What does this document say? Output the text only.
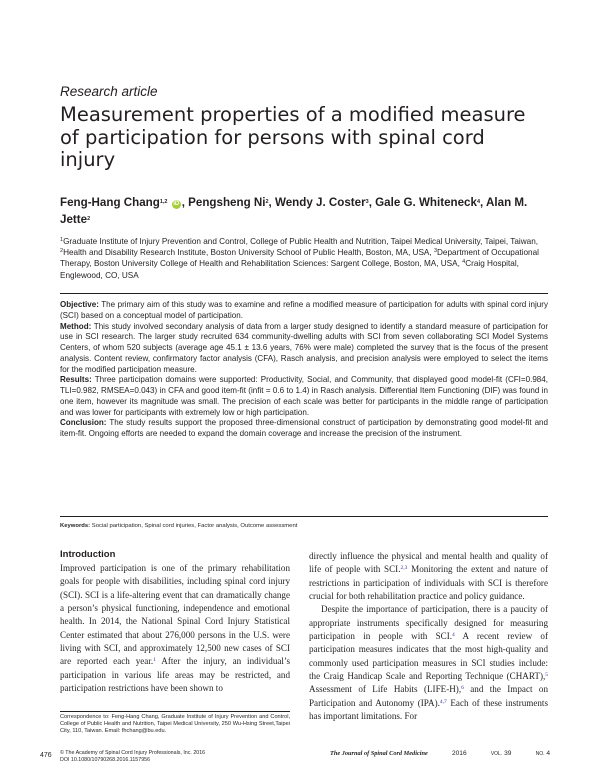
Research article
Measurement properties of a modified measure of participation for persons with spinal cord injury
Feng-Hang Chang$^{1,2}$ iD , Pengsheng Ni$^2$, Wendy J. Coster$^3$, Gale G. Whiteneck$^4$, Alan M. Jette$^2$
$^1$Graduate Institute of Injury Prevention and Control, College of Public Health and Nutrition, Taipei Medical University, Taipei, Taiwan, $^2$Health and Disability Research Institute, Boston University School of Public Health, Boston, MA, USA, $^3$Department of Occupational Therapy, Boston University College of Health and Rehabilitation Sciences: Sargent College, Boston, MA, USA, $^4$Craig Hospital, Englewood, CO, USA

Objective: The primary aim of this study was to examine and refine a modified measure of participation for adults with spinal cord injury (SCI) based on a conceptual model of participation.

Method: This study involved secondary analysis of data from a larger study designed to identify a standard measure of participation for use in SCI research. The larger study recruited 634 community-dwelling adults with SCI from seven collaborating SCI Model Systems Centers, of whom 520 subjects (average age 45.1 ± 13.6 years, 76% were male) completed the survey that is the focus of the present analysis. Content review, confirmatory factor analysis (CFA), Rasch analysis, and precision analysis were employed to select the items for the modified participation measure.

Results: Three participation domains were supported: Productivity, Social, and Community, that displayed good model-fit (CFI=0.984, TLI=0.982, RMSEA=0.043) in CFA and good item-fit (infit = 0.6 to 1.4) in Rasch analysis. Differential Item Functioning (DIF) was found in one item, however its magnitude was small. The precision of each scale was better for participants in the middle range of participation and was lower for participants with extremely low or high participation.

Conclusion: The study results support the proposed three-dimensional construct of participation by demonstrating good model-fit and item-fit. Ongoing efforts are needed to expand the domain coverage and increase the precision of the instrument.

Keywords: Social participation, Spinal cord injuries, Factor analysis, Outcome assessment

Introduction

Improved participation is one of the primary rehabilitation goals for people with disabilities, including spinal cord injury (SCI). SCI is a life-altering event that can dramatically change a person’s physical functioning, independence and emotional health. In 2014, the National Spinal Cord Injury Statistical Center estimated that about 276,000 persons in the U.S. were living with SCI, and approximately 12,500 new cases of SCI are reported each year.$^1$ After the injury, an individual’s participation in various life areas may be restricted, and participation restrictions have been shown to

directly influence the physical and mental health and quality of life of people with SCI.$^{2,3}$ Monitoring the extent and nature of restrictions in participation of individuals with SCI is therefore crucial for both rehabilitation practice and policy guidance.

Despite the importance of participation, there is a paucity of appropriate instruments specifically designed for measuring participation in people with SCI.$^4$ A recent review of participation measures indicates that the most high-quality and commonly used participation measures in SCI studies include: the Craig Handicap Scale and Reporting Technique (CHART),$^5$ Assessment of Life Habits (LIFE-H),$^6$ and the Impact on Participation and Autonomy (IPA).$^{4,7}$ Each of these instruments has important limitations. For

Correspondence to: Feng-Hang Chang, Graduate Institute of Injury Prevention and Control, College of Public Health and Nutrition, Taipei Medical University, 250 Wu-Hsing Street,Taipei City, 110, Taiwan. Email: fhchang@bu.edu.
476 © The Academy of Spinal Cord Injury Professionals, Inc. 2016
DOI 10.1080/10790268.2016.1157956
The Journal of Spinal Cord Medicine	2016	VOL. 39	NO. 4
